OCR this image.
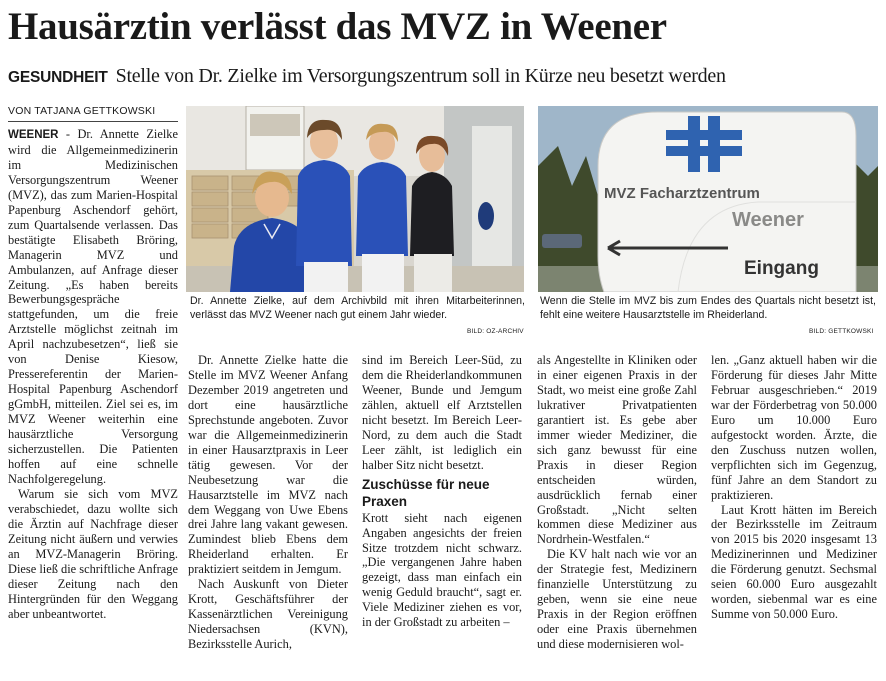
Hausärztin verlässt das MVZ in Weener
GESUNDHEIT Stelle von Dr. Zielke im Versorgungszentrum soll in Kürze neu besetzt werden
VON TATJANA GETTKOWSKI

WEENER - Dr. Annette Zielke wird die Allgemeinmedizinerin im Medizinischen Versorgungszentrum Weener (MVZ), das zum Marien-Hospital Papenburg Aschendorf gehört, zum Quartalsende verlassen. Das bestätigte Elisabeth Bröring, Managerin MVZ und Ambulanzen, auf Anfrage dieser Zeitung. „Es haben bereits Bewerbungsgespräche stattgefunden, um die freie Arztstelle möglichst zeitnah im April nachzubesetzen“, ließ sie von Denise Kiesow, Pressereferentin der Marien-Hospital Papenburg Aschendorf gGmbH, mitteilen. Ziel sei es, im MVZ Weener weiterhin eine hausärztliche Versorgung sicherzustellen. Die Patienten hoffen auf eine schnelle Nachfolgeregelung.

Warum sie sich vom MVZ verabschiedet, dazu wollte sich die Ärztin auf Nachfrage dieser Zeitung nicht äußern und verwies an MVZ-Managerin Bröring. Diese ließ die schriftliche Anfrage dieser Zeitung nach den Hintergründen für den Weggang aber unbeantwortet.

Dr. Annette Zielke, auf dem Archivbild mit ihren Mitarbeiterinnen, verlässt das MVZ Weener nach gut einem Jahr wieder.
BILD: OZ-ARCHIV
MVZ Facharztzentrum
Weener
Eingang
Wenn die Stelle im MVZ bis zum Endes des Quartals nicht besetzt ist, fehlt eine weitere Hausarztstelle im Rheiderland.
BILD: GETTKOWSKI

Dr. Annette Zielke hatte die Stelle im MVZ Weener Anfang Dezember 2019 angetreten und dort eine hausärztliche Sprechstunde angeboten. Zuvor war die Allgemeinmedizinerin in einer Hausarztpraxis in Leer tätig gewesen. Vor der Neubesetzung war die Hausarztstelle im MVZ nach dem Weggang von Uwe Ebens drei Jahre lang vakant gewesen. Zumindest blieb Ebens dem Rheiderland erhalten. Er praktiziert seitdem in Jemgum.

Nach Auskunft von Dieter Krott, Geschäftsführer der Kassenärztlichen Vereinigung Niedersachsen (KVN), Bezirksstelle Aurich,

sind im Bereich Leer-Süd, zu dem die Rheiderlandkommunen Weener, Bunde und Jemgum zählen, aktuell elf Arztstellen nicht besetzt. Im Bereich Leer-Nord, zu dem auch die Stadt Leer zählt, ist lediglich ein halber Sitz nicht besetzt.

Zuschüsse für neue Praxen

Krott sieht nach eigenen Angaben angesichts der freien Sitze trotzdem nicht schwarz. „Die vergangenen Jahre haben gezeigt, dass man einfach ein wenig Geduld braucht“, sagt er. Viele Mediziner ziehen es vor, in der Großstadt zu arbeiten –

als Angestellte in Kliniken oder in einer eigenen Praxis in der Stadt, wo meist eine große Zahl lukrativer Privatpatienten garantiert ist. Es gebe aber immer wieder Mediziner, die sich ganz bewusst für eine Praxis in dieser Region entscheiden würden, ausdrücklich fernab einer Großstadt. „Nicht selten kommen diese Mediziner aus Nordrhein-Westfalen.“

Die KV halt nach wie vor an der Strategie fest, Medizinern finanzielle Unterstützung zu geben, wenn sie eine neue Praxis in der Region eröffnen oder eine Praxis übernehmen und diese modernisieren wol-

len. „Ganz aktuell haben wir die Förderung für dieses Jahr Mitte Februar ausgeschrieben.“ 2019 war der Förderbetrag von 50.000 Euro um 10.000 Euro aufgestockt worden. Ärzte, die den Zuschuss nutzen wollen, verpflichten sich im Gegenzug, fünf Jahre an dem Standort zu praktizieren.

Laut Krott hätten im Bereich der Bezirksstelle im Zeitraum von 2015 bis 2020 insgesamt 13 Medizinerinnen und Mediziner die Förderung genutzt. Sechsmal seien 60.000 Euro ausgezahlt worden, siebenmal war es eine Summe von 50.000 Euro.
